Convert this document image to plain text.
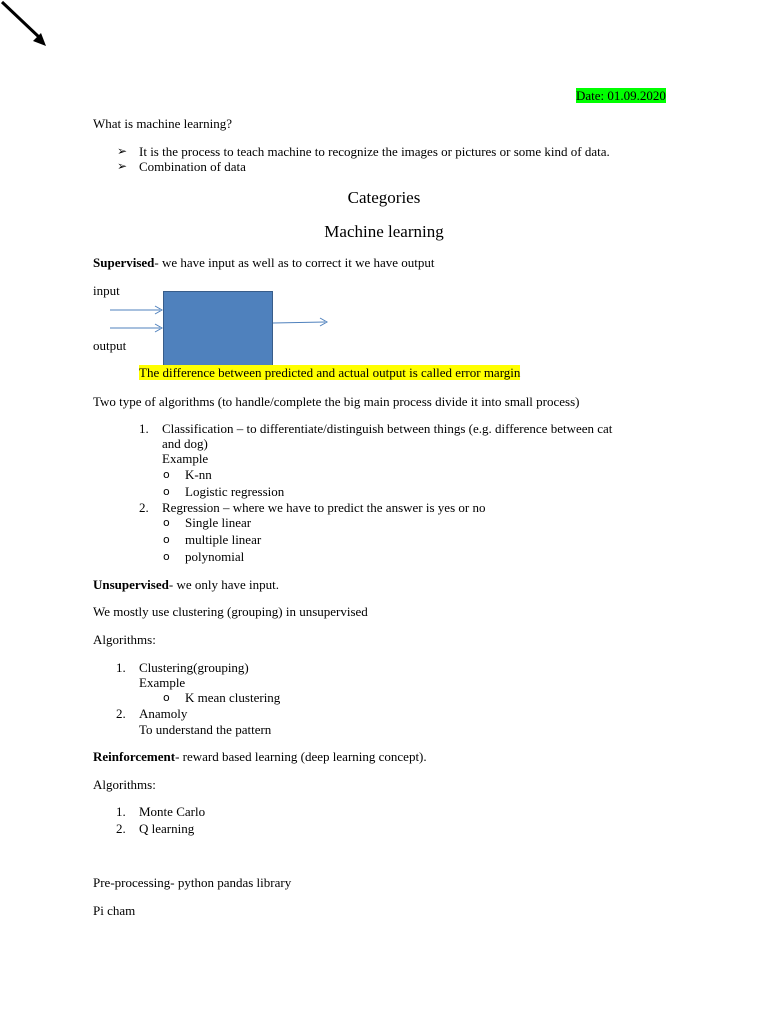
Date: 01.09.2020
What is machine learning?
➢ It is the process to teach machine to recognize the images or pictures or some kind of data.
➢ Combination of data
Categories
Machine learning
Supervised- we have input as well as to correct it we have output
input
output
The difference between predicted and actual output is called error margin
Two type of algorithms (to handle/complete the big main process divide it into small process)
1. Classification – to differentiate/distinguish between things (e.g. difference between cat
and dog)
Example
o K-nn
o Logistic regression
2. Regression – where we have to predict the answer is yes or no
o Single linear
o multiple linear
o polynomial
Unsupervised- we only have input.
We mostly use clustering (grouping) in unsupervised
Algorithms:
1. Clustering(grouping)
Example
o K mean clustering
2. Anamoly
To understand the pattern
Reinforcement- reward based learning (deep learning concept).
Algorithms:
1. Monte Carlo
2. Q learning
Pre-processing- python pandas library
Pi cham
